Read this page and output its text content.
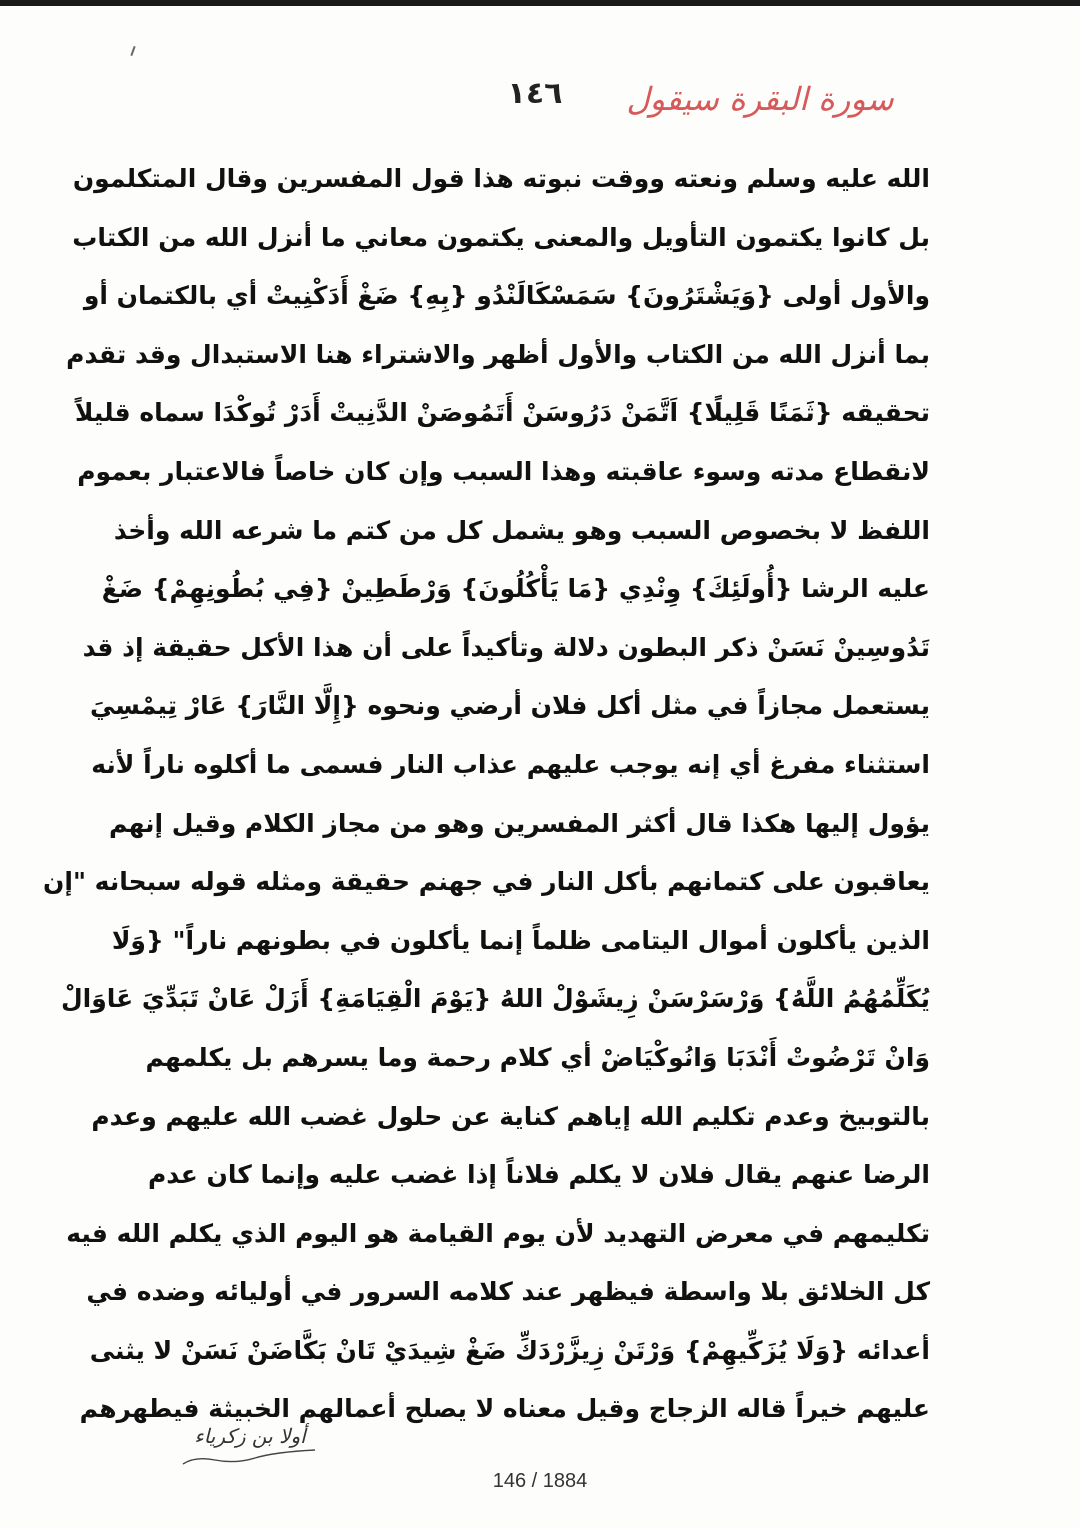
١٤٦	سورة البقرة سيقول
الله عليه وسلم ونعته ووقت نبوته هذا قول المفسرين وقال المتكلمون
بل كانوا يكتمون التأويل والمعنى يكتمون معاني ما أنزل الله من الكتاب
والأول أولى {وَيَشْتَرُونَ} سَمَسْكَالَنْدُو {بِهِ} ضَغْ أَدَكْنِيتْ أي بالكتمان أو
بما أنزل الله من الكتاب والأول أظهر والاشتراء هنا الاستبدال وقد تقدم
تحقيقه {ثَمَنًا قَلِيلًا} اَتَّمَنْ دَرُوسَنْ أَتَمُوصَنْ الدَّنِيتْ أَدَرْ تُوكْدَا سماه قليلاً
لانقطاع مدته وسوء عاقبته وهذا السبب وإن كان خاصاً فالاعتبار بعموم
اللفظ لا بخصوص السبب وهو يشمل كل من كتم ما شرعه الله وأخذ
عليه الرشا {أُولَئِكَ} وِنْدِي {مَا يَأْكُلُونَ} وَرْطَطِينْ {فِي بُطُونِهِمْ} ضَغْ
تَدُوسِينْ نَسَنْ ذكر البطون دلالة وتأكيداً على أن هذا الأكل حقيقة إذ قد
يستعمل مجازاً في مثل أكل فلان أرضي ونحوه {إِلَّا النَّارَ} عَارْ تِيمْسِيَ
استثناء مفرغ أي إنه يوجب عليهم عذاب النار فسمى ما أكلوه ناراً لأنه
يؤول إليها هكذا قال أكثر المفسرين وهو من مجاز الكلام وقيل إنهم
يعاقبون على كتمانهم بأكل النار في جهنم حقيقة ومثله قوله سبحانه "إن
الذين يأكلون أموال اليتامى ظلماً إنما يأكلون في بطونهم ناراً" {وَلَا
يُكَلِّمُهُمُ اللَّهُ} وَرْسَرْسَنْ زِيشَوْلْ اللهُ {يَوْمَ الْقِيَامَةِ} أَزَلْ عَانْ تَبَدِّيَ عَاوَالْ
وَانْ تَرْضُوتْ أَنْدَبَا وَانُوكْيَاضْ أي كلام رحمة وما يسرهم بل يكلمهم
بالتوبيخ وعدم تكليم الله إياهم كناية عن حلول غضب الله عليهم وعدم
الرضا عنهم يقال فلان لا يكلم فلاناً إذا غضب عليه وإنما كان عدم
تكليمهم في معرض التهديد لأن يوم القيامة هو اليوم الذي يكلم الله فيه
كل الخلائق بلا واسطة فيظهر عند كلامه السرور في أوليائه وضده في
أعدائه {وَلَا يُزَكِّيهِمْ} وَرْتَنْ زِيزَّرْدَكِّ ضَغْ شِيدَيْ تَانْ بَكَّاضَنْ نَسَنْ لا يثنى
عليهم خيراً قاله الزجاج وقيل معناه لا يصلح أعمالهم الخبيثة فيطهرهم
أولا بن زكرياء
146 / 1884
